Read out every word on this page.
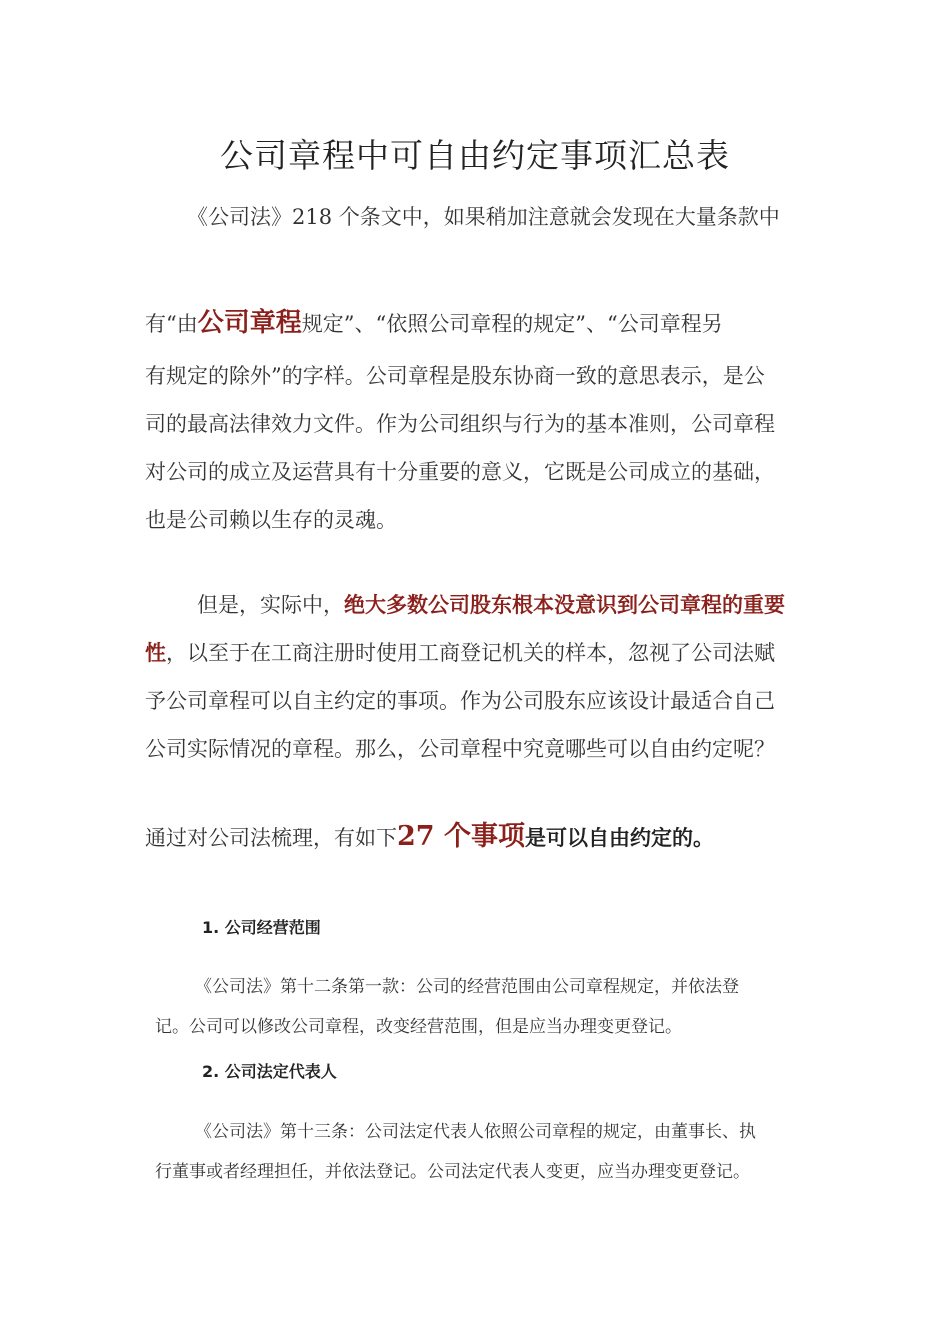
公司章程中可自由约定事项汇总表
《公司法》218 个条文中，如果稍加注意就会发现在大量条款中
有“由公司章程规定”、“依照公司章程的规定”、“公司章程另
有规定的除外”的字样。公司章程是股东协商一致的意思表示，是公
司的最高法律效力文件。作为公司组织与行为的基本准则，公司章程
对公司的成立及运营具有十分重要的意义，它既是公司成立的基础，
也是公司赖以生存的灵魂。
但是，实际中，绝大多数公司股东根本没意识到公司章程的重要
性，以至于在工商注册时使用工商登记机关的样本，忽视了公司法赋
予公司章程可以自主约定的事项。作为公司股东应该设计最适合自己
公司实际情况的章程。那么，公司章程中究竟哪些可以自由约定呢？
通过对公司法梳理，有如下27 个事项是可以自由约定的。
1. 公司经营范围
《公司法》第十二条第一款：公司的经营范围由公司章程规定，并依法登
记。公司可以修改公司章程，改变经营范围，但是应当办理变更登记。
2. 公司法定代表人
《公司法》第十三条：公司法定代表人依照公司章程的规定，由董事长、执
行董事或者经理担任，并依法登记。公司法定代表人变更，应当办理变更登记。
